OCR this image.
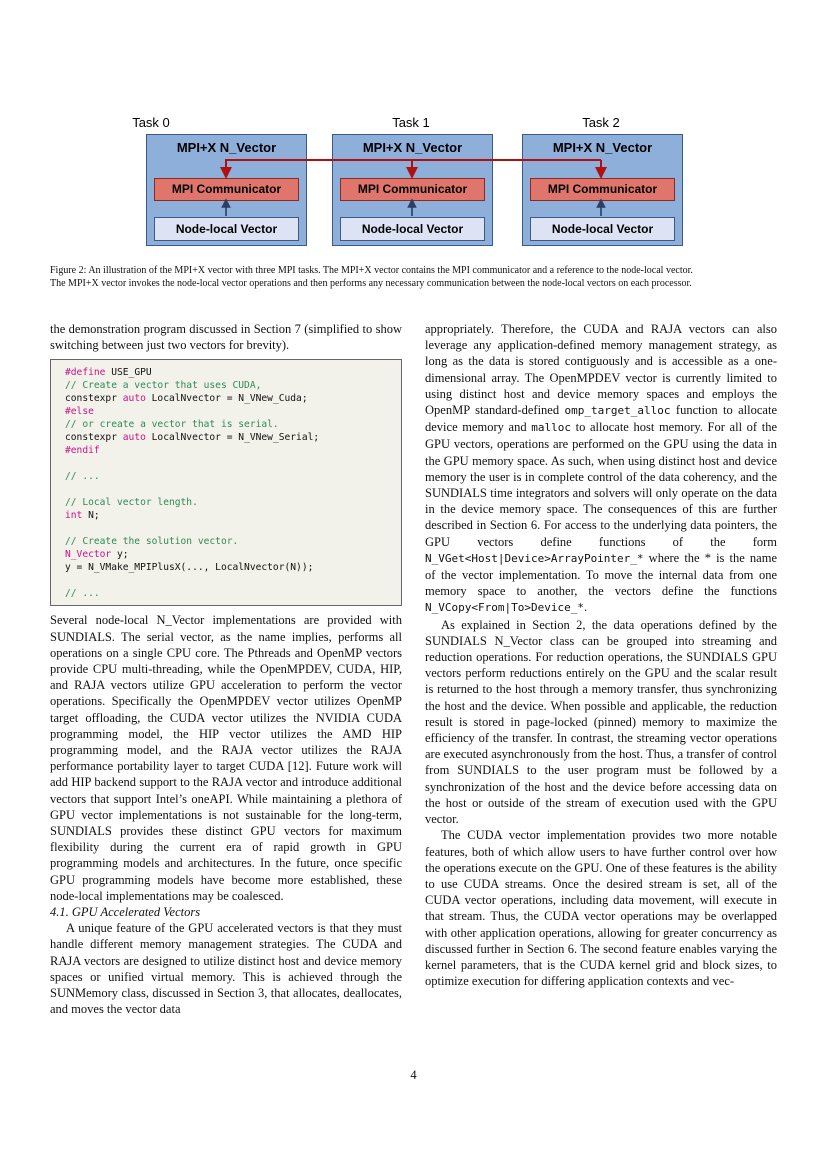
Task 0	Task 1	Task 2
MPI+X N_Vector
MPI Communicator
Node-local Vector
MPI+X N_Vector
MPI Communicator
Node-local Vector
MPI+X N_Vector
MPI Communicator
Node-local Vector
Figure 2: An illustration of the MPI+X vector with three MPI tasks. The MPI+X vector contains the MPI communicator and a reference to the node-local vector.
The MPI+X vector invokes the node-local vector operations and then performs any necessary communication between the node-local vectors on each processor.

the demonstration program discussed in Section 7 (simplified to show switching between just two vectors for brevity).

#define USE_GPU
// Create a vector that uses CUDA,
constexpr auto LocalNvector = N_VNew_Cuda;
#else
// or create a vector that is serial.
constexpr auto LocalNvector = N_VNew_Serial;
#endif
// ...
// Local vector length.
int N;
// Create the solution vector.
N_Vector y;
y = N_VMake_MPIPlusX(..., LocalNvector(N));
// ...

Several node-local N_Vector implementations are provided with SUNDIALS. The serial vector, as the name implies, performs all operations on a single CPU core. The Pthreads and OpenMP vectors provide CPU multi-threading, while the OpenMPDEV, CUDA, HIP, and RAJA vectors utilize GPU acceleration to perform the vector operations. Specifically the OpenMPDEV vector utilizes OpenMP target offloading, the CUDA vector utilizes the NVIDIA CUDA programming model, the HIP vector utilizes the AMD HIP programming model, and the RAJA vector utilizes the RAJA performance portability layer to target CUDA [12]. Future work will add HIP backend support to the RAJA vector and introduce additional vectors that support Intel’s oneAPI. While maintaining a plethora of GPU vector implementations is not sustainable for the long-term, SUNDIALS provides these distinct GPU vectors for maximum flexibility during the current era of rapid growth in GPU programming models and architectures. In the future, once specific GPU programming models have become more established, these node-local implementations may be coalesced.

4.1. GPU Accelerated Vectors

A unique feature of the GPU accelerated vectors is that they must handle different memory management strategies. The CUDA and RAJA vectors are designed to utilize distinct host and device memory spaces or unified virtual memory. This is achieved through the SUNMemory class, discussed in Section 3, that allocates, deallocates, and moves the vector data

appropriately. Therefore, the CUDA and RAJA vectors can also leverage any application-defined memory management strategy, as long as the data is stored contiguously and is accessible as a one-dimensional array. The OpenMPDEV vector is currently limited to using distinct host and device memory spaces and employs the OpenMP standard-defined omp_target_alloc function to allocate device memory and malloc to allocate host memory. For all of the GPU vectors, operations are performed on the GPU using the data in the GPU memory space. As such, when using distinct host and device memory the user is in complete control of the data coherency, and the SUNDIALS time integrators and solvers will only operate on the data in the device memory space. The consequences of this are further described in Section 6. For access to the underlying data pointers, the GPU vectors define functions of the form N_VGet<Host|Device>ArrayPointer_* where the * is the name of the vector implementation. To move the internal data from one memory space to another, the vectors define the functions N_VCopy<From|To>Device_*.

As explained in Section 2, the data operations defined by the SUNDIALS N_Vector class can be grouped into streaming and reduction operations. For reduction operations, the SUNDIALS GPU vectors perform reductions entirely on the GPU and the scalar result is returned to the host through a memory transfer, thus synchronizing the host and the device. When possible and applicable, the reduction result is stored in page-locked (pinned) memory to maximize the efficiency of the transfer. In contrast, the streaming vector operations are executed asynchronously from the host. Thus, a transfer of control from SUNDIALS to the user program must be followed by a synchronization of the host and the device before accessing data on the host or outside of the stream of execution used with the GPU vector.

The CUDA vector implementation provides two more notable features, both of which allow users to have further control over how the operations execute on the GPU. One of these features is the ability to use CUDA streams. Once the desired stream is set, all of the CUDA vector operations, including data movement, will execute in that stream. Thus, the CUDA vector operations may be overlapped with other application operations, allowing for greater concurrency as discussed further in Section 6. The second feature enables varying the kernel parameters, that is the CUDA kernel grid and block sizes, to optimize execution for differing application contexts and vec-

4
